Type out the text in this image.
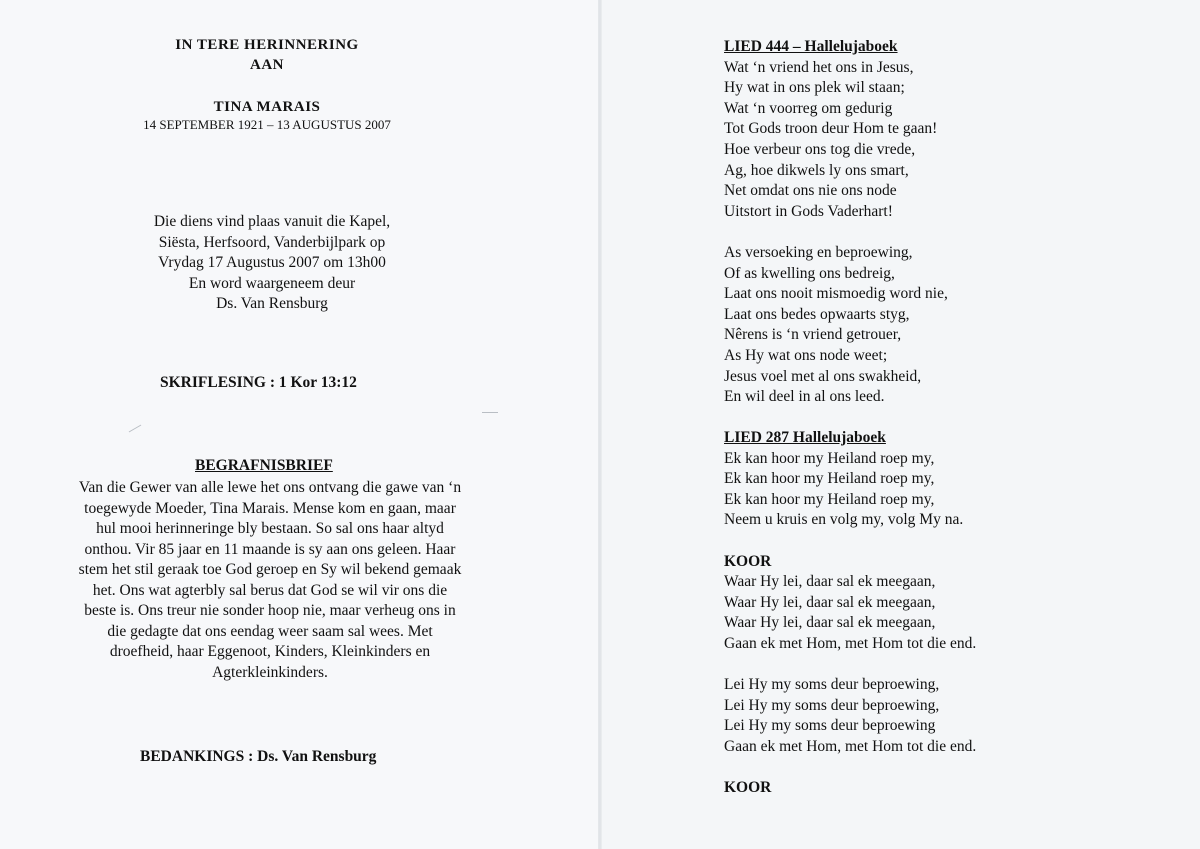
IN TERE HERINNERING
AAN
TINA MARAIS
14 SEPTEMBER 1921 – 13 AUGUSTUS 2007
Die diens vind plaas vanuit die Kapel,
Siësta, Herfsoord, Vanderbijlpark op
Vrydag 17 Augustus 2007 om 13h00
En word waargeneem deur
Ds. Van Rensburg
SKRIFLESING : 1 Kor 13:12
BEGRAFNISBRIEF
Van die Gewer van alle lewe het ons ontvang die gawe van ‘n
toegewyde Moeder, Tina Marais. Mense kom en gaan, maar
hul mooi herinneringe bly bestaan. So sal ons haar altyd
onthou. Vir 85 jaar en 11 maande is sy aan ons geleen. Haar
stem het stil geraak toe God geroep en Sy wil bekend gemaak
het. Ons wat agterbly sal berus dat God se wil vir ons die
beste is. Ons treur nie sonder hoop nie, maar verheug ons in
die gedagte dat ons eendag weer saam sal wees. Met
droefheid, haar Eggenoot, Kinders, Kleinkinders en
Agterkleinkinders.
BEDANKINGS : Ds. Van Rensburg
LIED 444 – Hallelujaboek
Wat ‘n vriend het ons in Jesus,
Hy wat in ons plek wil staan;
Wat ‘n voorreg om gedurig
Tot Gods troon deur Hom te gaan!
Hoe verbeur ons tog die vrede,
Ag, hoe dikwels ly ons smart,
Net omdat ons nie ons node
Uitstort in Gods Vaderhart!
As versoeking en beproewing,
Of as kwelling ons bedreig,
Laat ons nooit mismoedig word nie,
Laat ons bedes opwaarts styg,
Nêrens is ‘n vriend getrouer,
As Hy wat ons node weet;
Jesus voel met al ons swakheid,
En wil deel in al ons leed.
LIED 287 Hallelujaboek
Ek kan hoor my Heiland roep my,
Ek kan hoor my Heiland roep my,
Ek kan hoor my Heiland roep my,
Neem u kruis en volg my, volg My na.
KOOR
Waar Hy lei, daar sal ek meegaan,
Waar Hy lei, daar sal ek meegaan,
Waar Hy lei, daar sal ek meegaan,
Gaan ek met Hom, met Hom tot die end.
Lei Hy my soms deur beproewing,
Lei Hy my soms deur beproewing,
Lei Hy my soms deur beproewing
Gaan ek met Hom, met Hom tot die end.
KOOR
